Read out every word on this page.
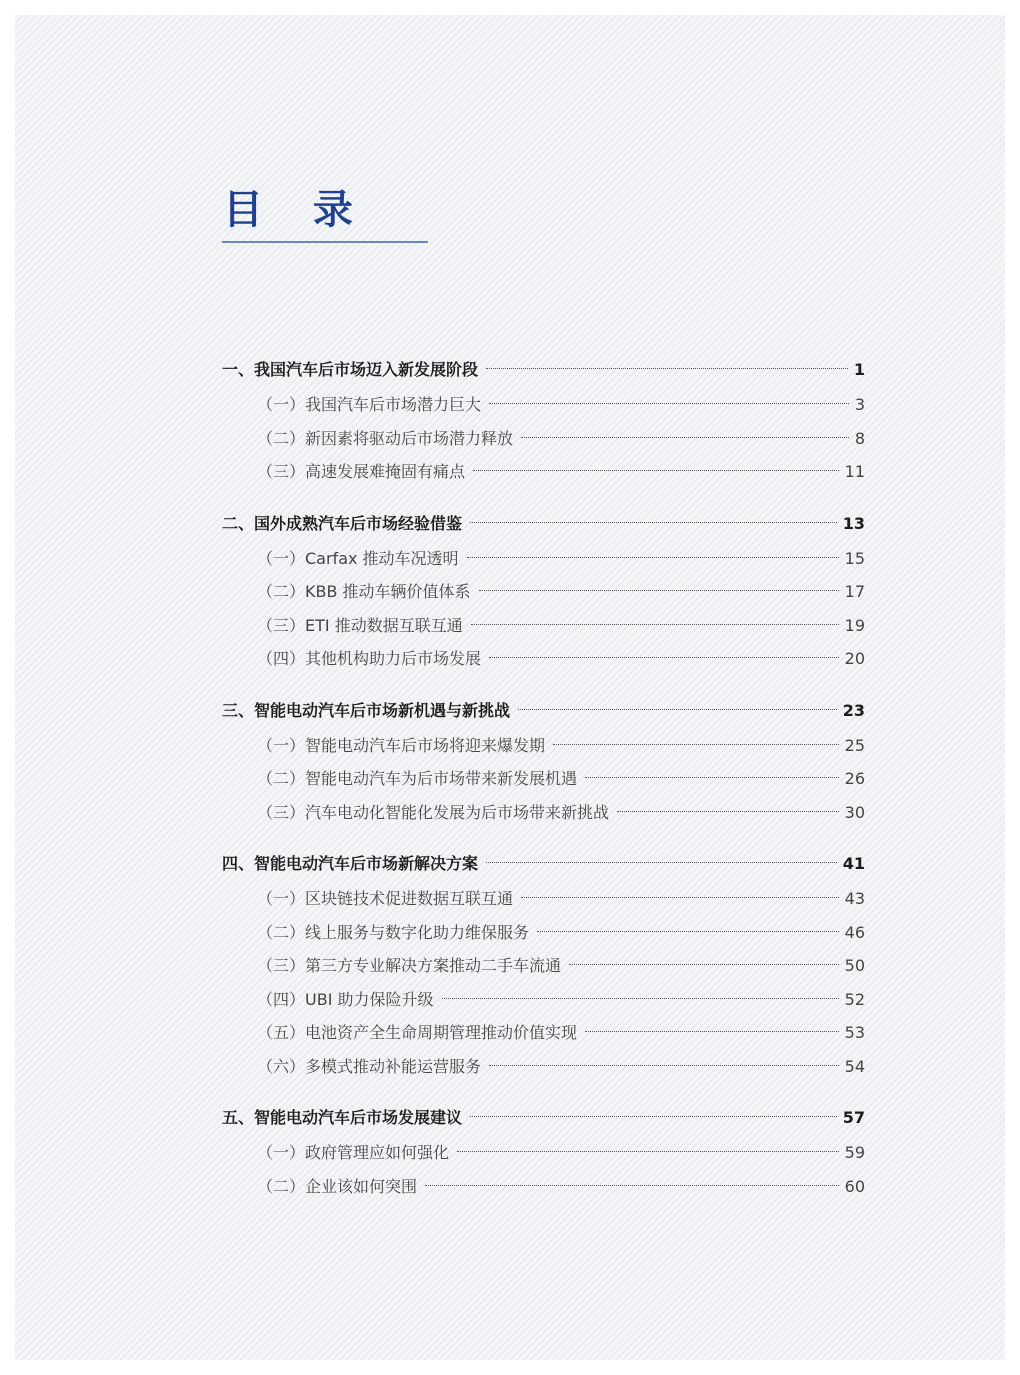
目 录
一、我国汽车后市场迈入新发展阶段	1
（一）我国汽车后市场潜力巨大	3
（二）新因素将驱动后市场潜力释放	8
（三）高速发展难掩固有痛点	11
二、国外成熟汽车后市场经验借鉴	13
（一）Carfax 推动车况透明	15
（二）KBB 推动车辆价值体系	17
（三）ETI 推动数据互联互通	19
（四）其他机构助力后市场发展	20
三、智能电动汽车后市场新机遇与新挑战	23
（一）智能电动汽车后市场将迎来爆发期	25
（二）智能电动汽车为后市场带来新发展机遇	26
（三）汽车电动化智能化发展为后市场带来新挑战	30
四、智能电动汽车后市场新解决方案	41
（一）区块链技术促进数据互联互通	43
（二）线上服务与数字化助力维保服务	46
（三）第三方专业解决方案推动二手车流通	50
（四）UBI 助力保险升级	52
（五）电池资产全生命周期管理推动价值实现	53
（六）多模式推动补能运营服务	54
五、智能电动汽车后市场发展建议	57
（一）政府管理应如何强化	59
（二）企业该如何突围	60
